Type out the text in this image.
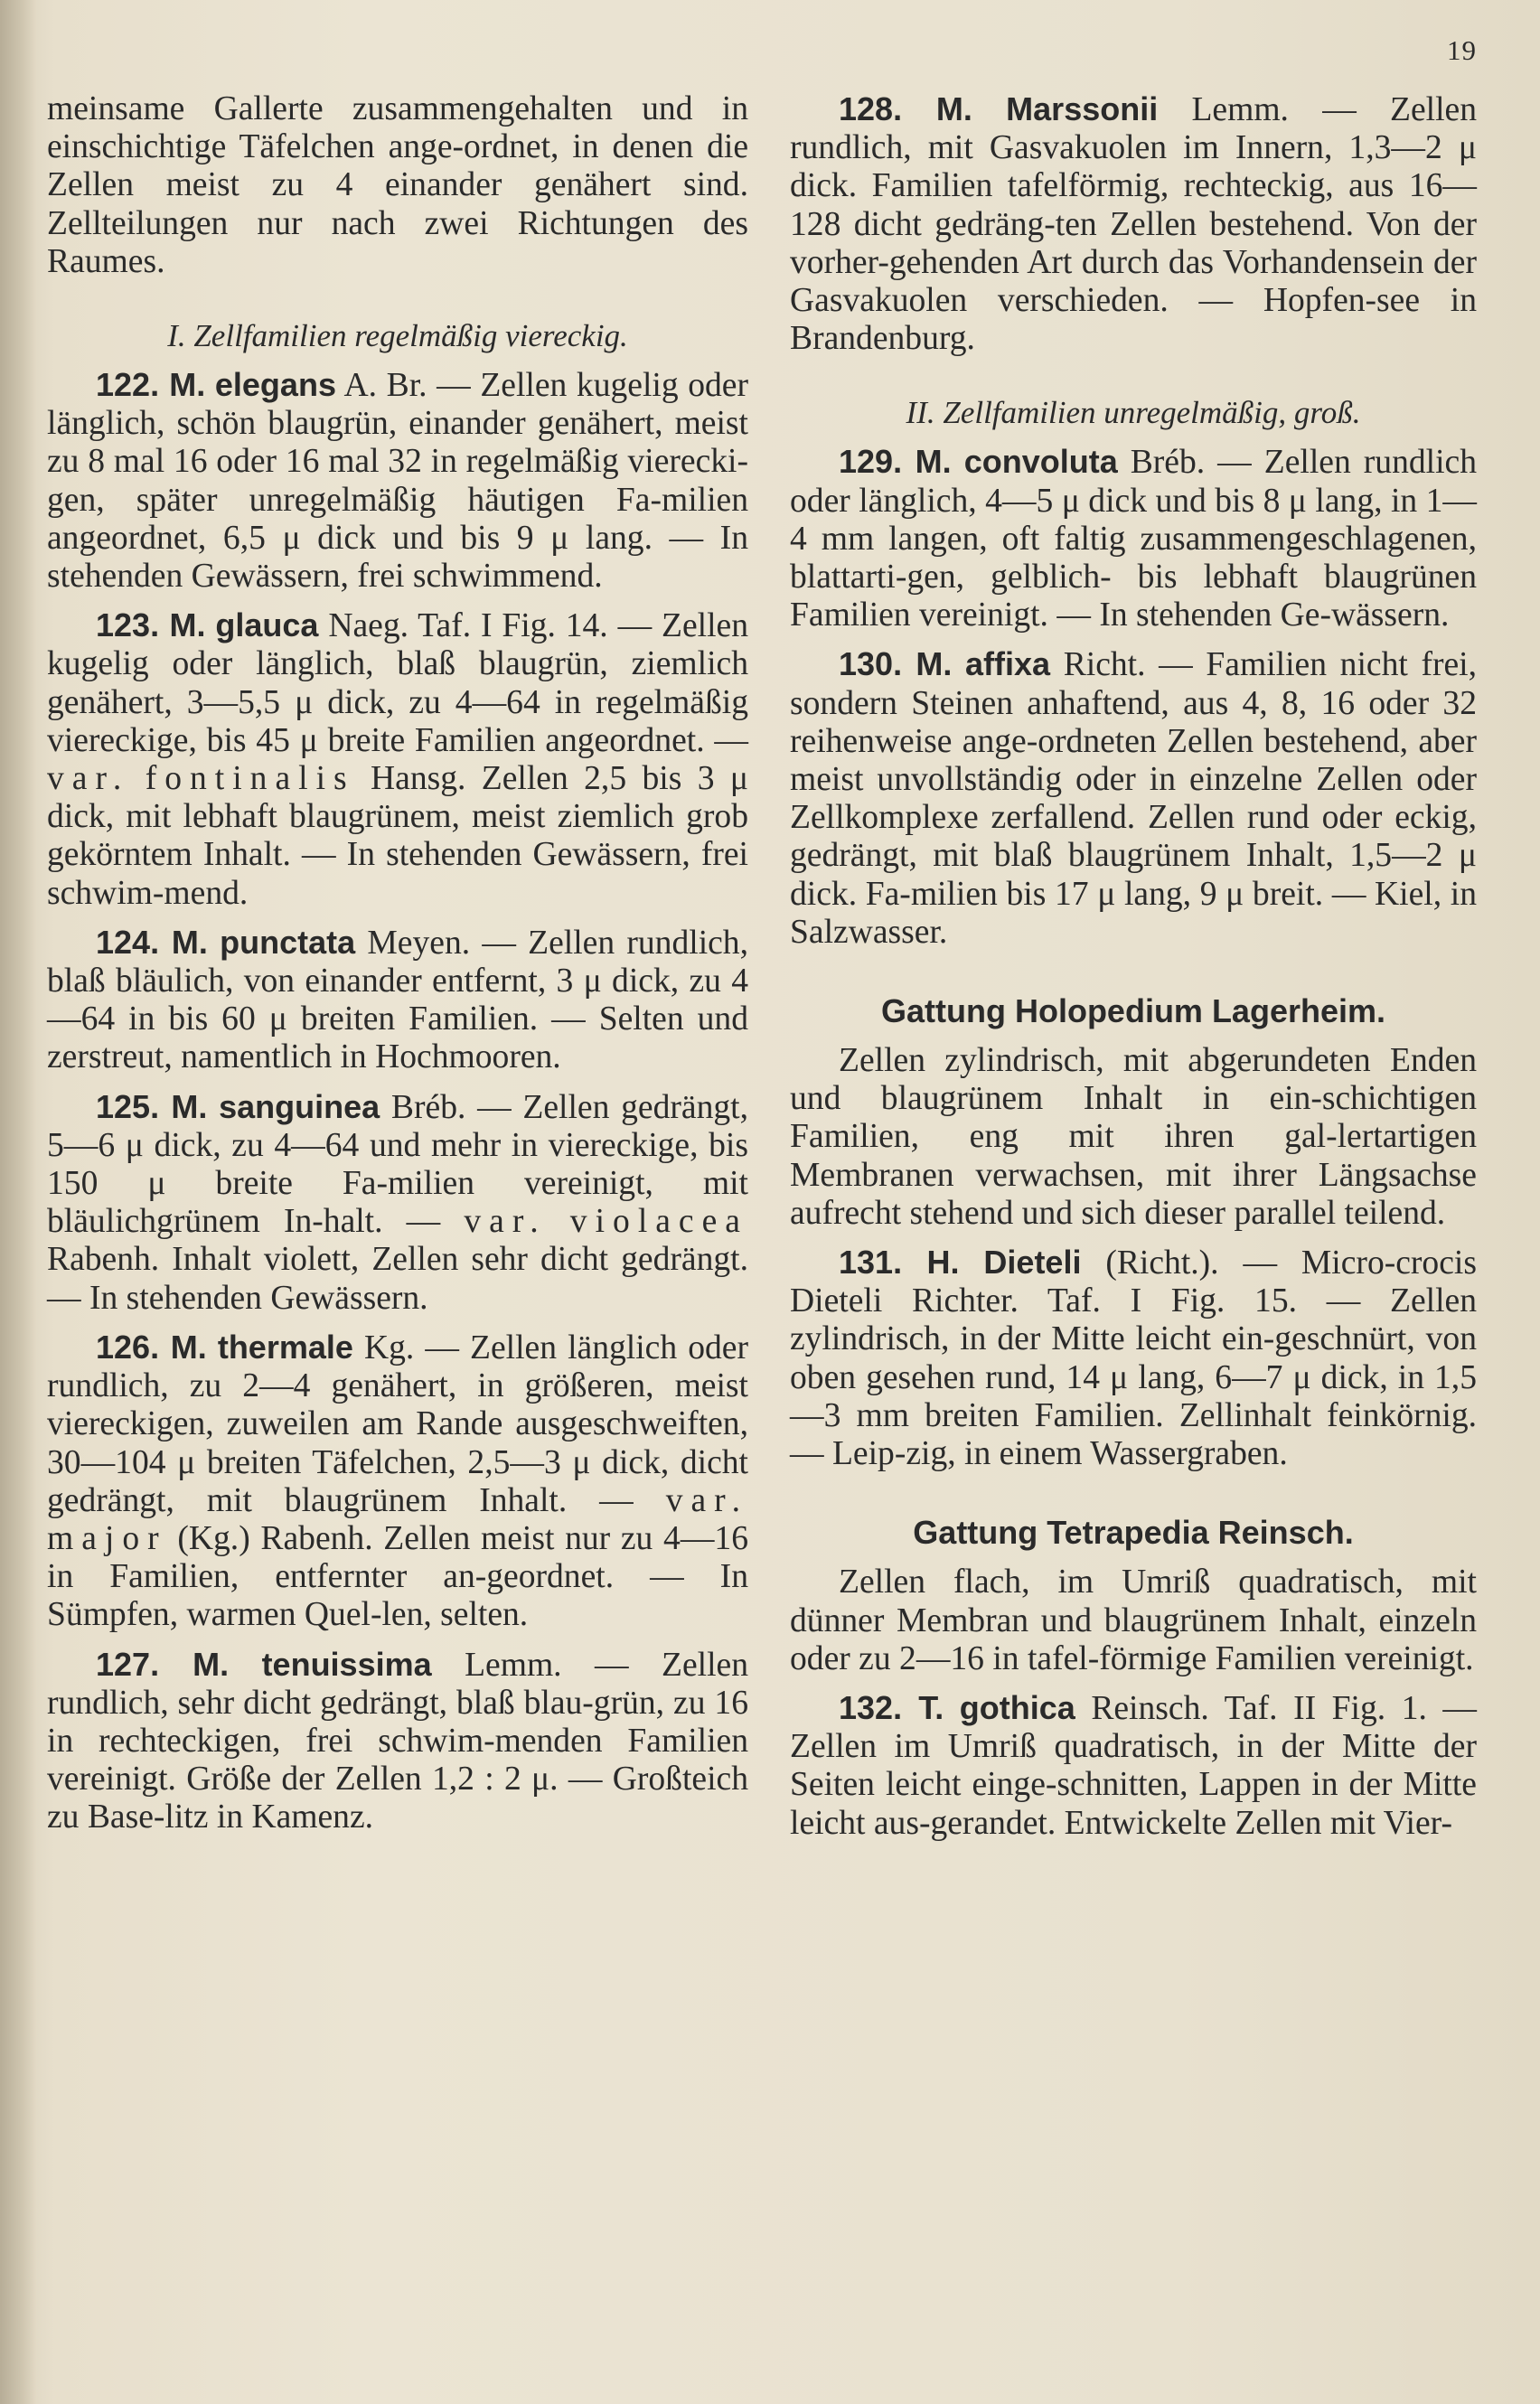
19

meinsame Gallerte zusammengehalten und in einschichtige Täfelchen ange-ordnet, in denen die Zellen meist zu 4 einander genähert sind. Zellteilungen nur nach zwei Richtungen des Raumes.

I. Zellfamilien regelmäßig viereckig.

122. M. elegans A. Br. — Zellen kugelig oder länglich, schön blaugrün, einander genähert, meist zu 8 mal 16 oder 16 mal 32 in regelmäßig vierecki-gen, später unregelmäßig häutigen Fa-milien angeordnet, 6,5 μ dick und bis 9 μ lang. — In stehenden Gewässern, frei schwimmend.

123. M. glauca Naeg. Taf. I Fig. 14. — Zellen kugelig oder länglich, blaß blaugrün, ziemlich genähert, 3—5,5 μ dick, zu 4—64 in regelmäßig viereckige, bis 45 μ breite Familien angeordnet. — var. fontinalis Hansg. Zellen 2,5 bis 3 μ dick, mit lebhaft blaugrünem, meist ziemlich grob gekörntem Inhalt. — In stehenden Gewässern, frei schwim-mend.

124. M. punctata Meyen. — Zellen rundlich, blaß bläulich, von einander entfernt, 3 μ dick, zu 4—64 in bis 60 μ breiten Familien. — Selten und zerstreut, namentlich in Hochmooren.

125. M. sanguinea Bréb. — Zellen gedrängt, 5—6 μ dick, zu 4—64 und mehr in viereckige, bis 150 μ breite Fa-milien vereinigt, mit bläulichgrünem In-halt. — var. violacea Rabenh. Inhalt violett, Zellen sehr dicht gedrängt. — In stehenden Gewässern.

126. M. thermale Kg. — Zellen länglich oder rundlich, zu 2—4 genähert, in größeren, meist viereckigen, zuweilen am Rande ausgeschweiften, 30—104 μ breiten Täfelchen, 2,5—3 μ dick, dicht gedrängt, mit blaugrünem Inhalt. — var. major (Kg.) Rabenh. Zellen meist nur zu 4—16 in Familien, entfernter an-geordnet. — In Sümpfen, warmen Quel-len, selten.

127. M. tenuissima Lemm. — Zellen rundlich, sehr dicht gedrängt, blaß blau-grün, zu 16 in rechteckigen, frei schwim-menden Familien vereinigt. Größe der Zellen 1,2 : 2 μ. — Großteich zu Base-litz in Kamenz.

128. M. Marssonii Lemm. — Zellen rundlich, mit Gasvakuolen im Innern, 1,3—2 μ dick. Familien tafelförmig, rechteckig, aus 16—128 dicht gedräng-ten Zellen bestehend. Von der vorher-gehenden Art durch das Vorhandensein der Gasvakuolen verschieden. — Hopfen-see in Brandenburg.

II. Zellfamilien unregelmäßig, groß.

129. M. convoluta Bréb. — Zellen rundlich oder länglich, 4—5 μ dick und bis 8 μ lang, in 1—4 mm langen, oft faltig zusammengeschlagenen, blattarti-gen, gelblich- bis lebhaft blaugrünen Familien vereinigt. — In stehenden Ge-wässern.

130. M. affixa Richt. — Familien nicht frei, sondern Steinen anhaftend, aus 4, 8, 16 oder 32 reihenweise ange-ordneten Zellen bestehend, aber meist unvollständig oder in einzelne Zellen oder Zellkomplexe zerfallend. Zellen rund oder eckig, gedrängt, mit blaß blaugrünem Inhalt, 1,5—2 μ dick. Fa-milien bis 17 μ lang, 9 μ breit. — Kiel, in Salzwasser.

Gattung Holopedium Lagerheim.

Zellen zylindrisch, mit abgerundeten Enden und blaugrünem Inhalt in ein-schichtigen Familien, eng mit ihren gal-lertartigen Membranen verwachsen, mit ihrer Längsachse aufrecht stehend und sich dieser parallel teilend.

131. H. Dieteli (Richt.). — Micro-crocis Dieteli Richter. Taf. I Fig. 15. — Zellen zylindrisch, in der Mitte leicht ein-geschnürt, von oben gesehen rund, 14 μ lang, 6—7 μ dick, in 1,5—3 mm breiten Familien. Zellinhalt feinkörnig. — Leip-zig, in einem Wassergraben.

Gattung Tetrapedia Reinsch.

Zellen flach, im Umriß quadratisch, mit dünner Membran und blaugrünem Inhalt, einzeln oder zu 2—16 in tafel-förmige Familien vereinigt.

132. T. gothica Reinsch. Taf. II Fig. 1. — Zellen im Umriß quadratisch, in der Mitte der Seiten leicht einge-schnitten, Lappen in der Mitte leicht aus-gerandet. Entwickelte Zellen mit Vier-
